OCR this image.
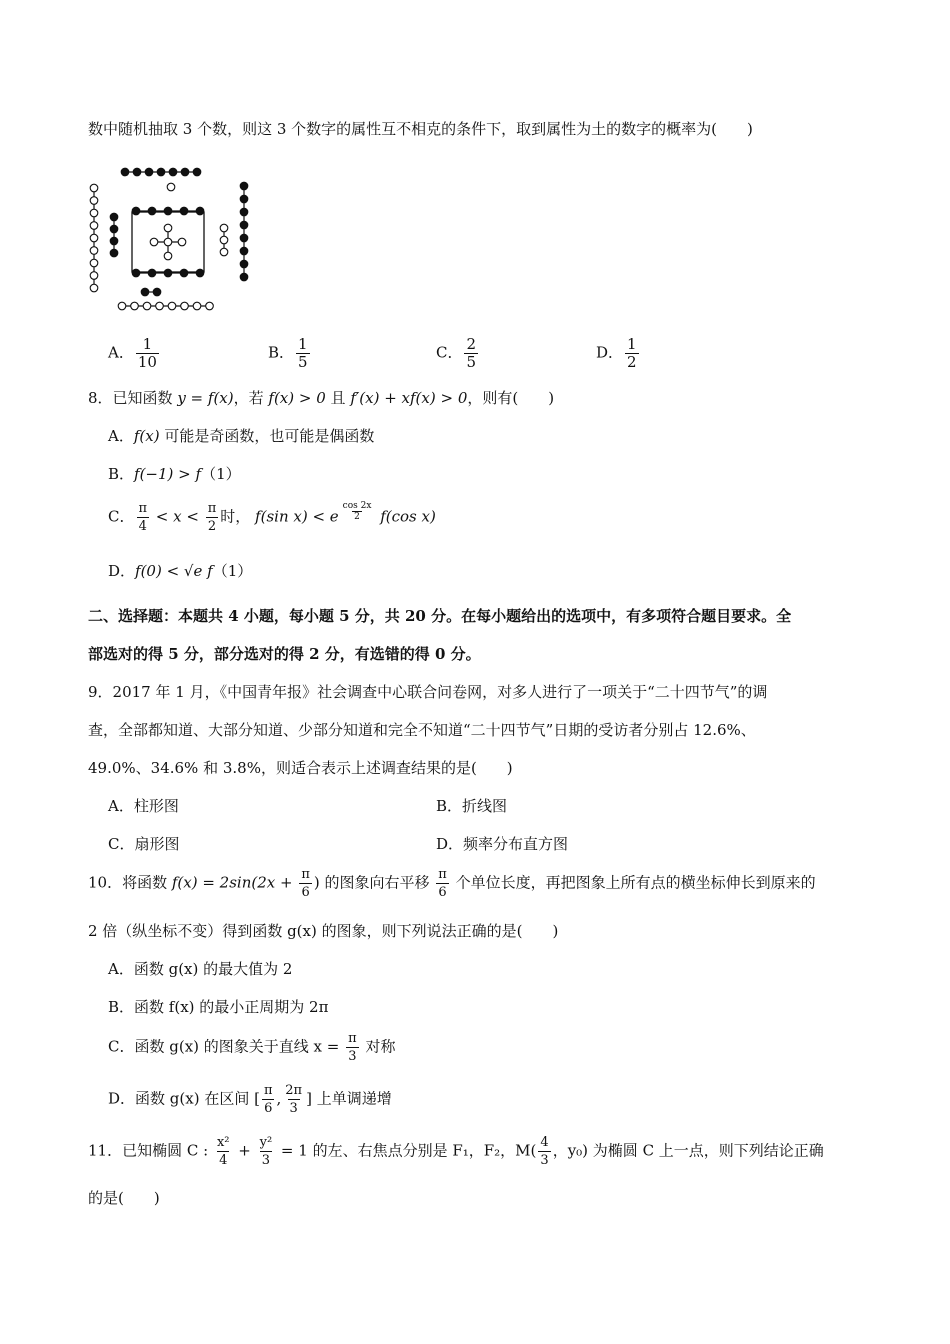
数中随机抽取 3 个数，则这 3 个数字的属性互不相克的条件下，取到属性为土的数字的概率为(　　)
A． $\frac{1}{10}$	B． $\frac{1}{5}$	C． $\frac{2}{5}$	D． $\frac{1}{2}$
8．已知函数 y = f(x)，若 f(x) > 0 且 f′(x) + xf(x) > 0，则有(　　)
A．f(x) 可能是奇函数，也可能是偶函数
B．f(−1) > f（1）
C． $\frac{\pi}{4} < x < \frac{\pi}{2}$ 时， f(sin x) < e $\frac{\cos 2x}{2} f(\cos$ x)
D．f(0) < √e f（1）
二、选择题：本题共 4 小题，每小题 5 分，共 20 分。在每小题给出的选项中，有多项符合题目要求。全
部选对的得 5 分，部分选对的得 2 分，有选错的得 0 分。
9．2017 年 1 月，《中国青年报》社会调查中心联合问卷网，对多人进行了一项关于“二十四节气”的调
查，全部都知道、大部分知道、少部分知道和完全不知道“二十四节气”日期的受访者分别占 12.6%、
49.0%、34.6% 和 3.8%，则适合表示上述调查结果的是(　　)
A．柱形图	B．折线图
C．扇形图	D．频率分布直方图
10．将函数 $f(x) = 2\sin(2x + \frac{\pi}{6}$ ) 的图象向右平移 $\frac{\pi}{6}$ 个单位长度，再把图象上所有点的横坐标伸长到原来的
2 倍（纵坐标不变）得到函数 g(x) 的图象，则下列说法正确的是(　　)
A．函数 g(x) 的最大值为 2
B．函数 f(x) 的最小正周期为 2π
C．函数 g(x) 的图象关于直线 $x = \frac{\pi}{3}$ 对称
D．函数 g(x) 在区间 [ $\frac{\pi}{6}$ , $\frac{2\pi}{3}$ ] 上单调递增
11．已知椭圆 C : $\frac{\text{x²}}{4} + \frac{\text{y²}}{3} = 1$ 的左、右焦点分别是 F₁，F₂，$M( \frac{4}{3}$ ，y₀) 为椭圆 C 上一点，则下列结论正确
的是(　　)
